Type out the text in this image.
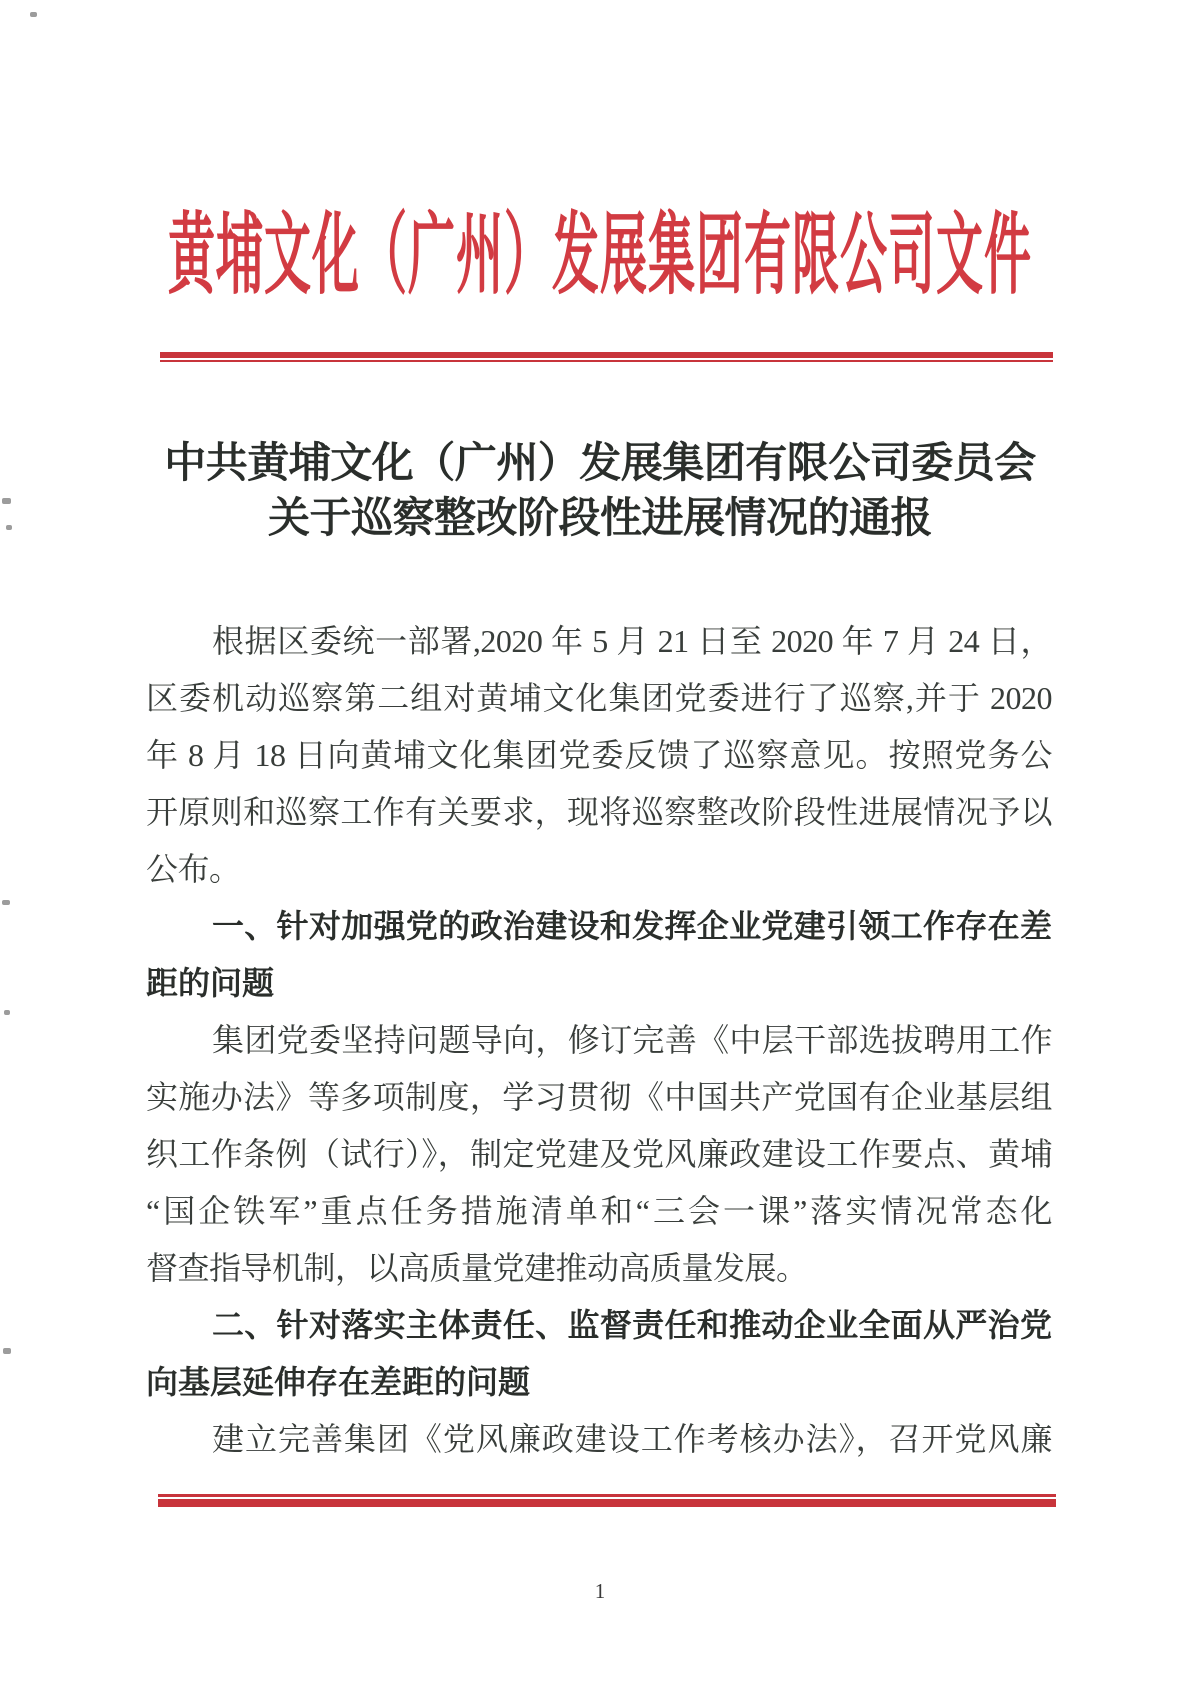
黄埔文化（广州）发展集团有限公司文件
中共黄埔文化（广州）发展集团有限公司委员会
关于巡察整改阶段性进展情况的通报
根据区委统一部署,2020 年 5 月 21 日至 2020 年 7 月 24 日，
区委机动巡察第二组对黄埔文化集团党委进行了巡察,并于 2020
年 8 月 18 日向黄埔文化集团党委反馈了巡察意见。按照党务公
开原则和巡察工作有关要求，现将巡察整改阶段性进展情况予以
公布。
一、针对加强党的政治建设和发挥企业党建引领工作存在差
距的问题
集团党委坚持问题导向，修订完善《中层干部选拔聘用工作
实施办法》等多项制度，学习贯彻《中国共产党国有企业基层组
织工作条例（试行）》，制定党建及党风廉政建设工作要点、黄埔
“国企铁军”重点任务措施清单和“三会一课”落实情况常态化
督查指导机制，以高质量党建推动高质量发展。
二、针对落实主体责任、监督责任和推动企业全面从严治党
向基层延伸存在差距的问题
建立完善集团《党风廉政建设工作考核办法》，召开党风廉
1
